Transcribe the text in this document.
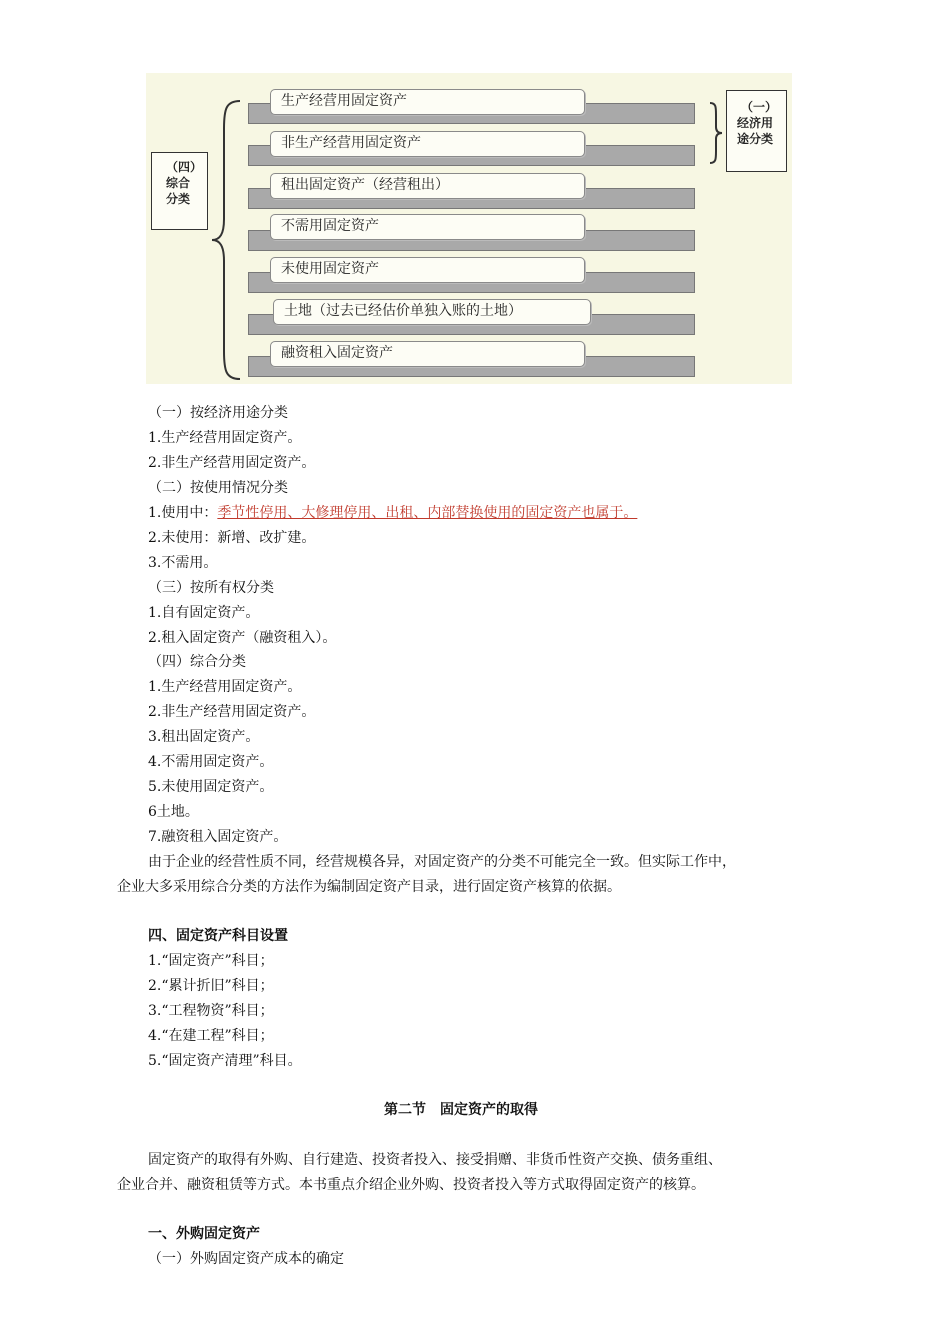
（四）
综合
分类
生产经营用固定资产
非生产经营用固定资产
租出固定资产（经营租出）
不需用固定资产
未使用固定资产
土地（过去已经估价单独入账的土地）
融资租入固定资产
（一）
经济用
途分类
（一）按经济用途分类
1.生产经营用固定资产。
2.非生产经营用固定资产。
（二）按使用情况分类
1.使用中：季节性停用、大修理停用、出租、内部替换使用的固定资产也属于。
2.未使用：新增、改扩建。
3.不需用。
（三）按所有权分类
1.自有固定资产。
2.租入固定资产（融资租入）。
（四）综合分类
1.生产经营用固定资产。
2.非生产经营用固定资产。
3.租出固定资产。
4.不需用固定资产。
5.未使用固定资产。
6土地。
7.融资租入固定资产。
由于企业的经营性质不同，经营规模各异，对固定资产的分类不可能完全一致。但实际工作中，
企业大多采用综合分类的方法作为编制固定资产目录，进行固定资产核算的依据。
四、固定资产科目设置
1.“固定资产”科目；
2.“累计折旧”科目；
3.“工程物资”科目；
4.“在建工程”科目；
5.“固定资产清理”科目。
第二节　固定资产的取得
固定资产的取得有外购、自行建造、投资者投入、接受捐赠、非货币性资产交换、债务重组、
企业合并、融资租赁等方式。本书重点介绍企业外购、投资者投入等方式取得固定资产的核算。
一、外购固定资产
（一）外购固定资产成本的确定
